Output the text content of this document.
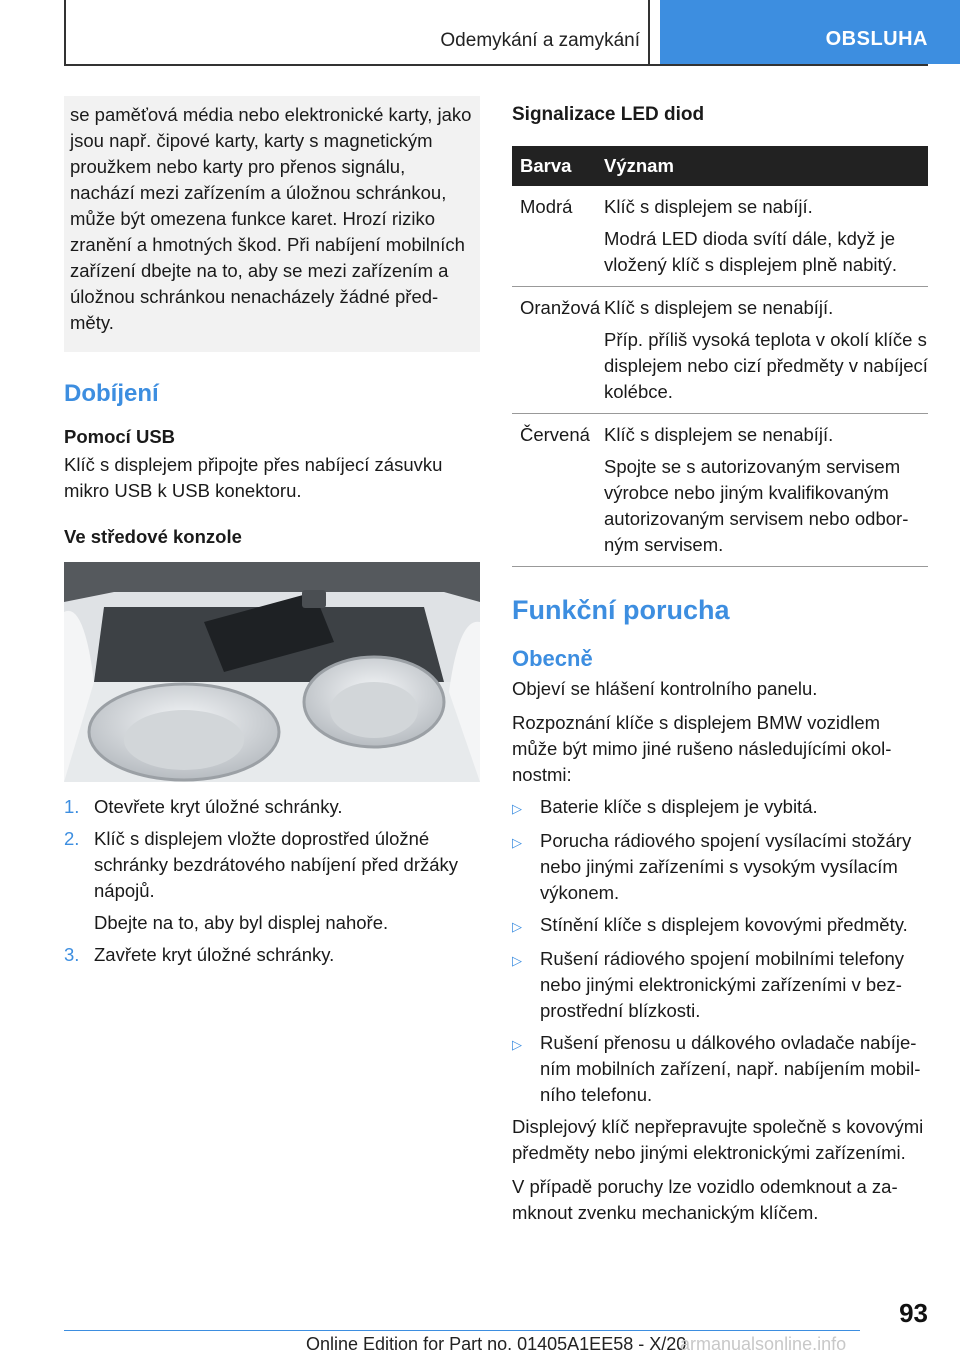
Odemykání a zamykání	OBSLUHA
se paměťová média nebo elektronické karty, jako jsou např. čipové karty, karty s magnetickým proužkem nebo karty pro přenos signálu, nachází mezi zařízením a úložnou schránkou, může být omezena funkce karet. Hrozí riziko zranění a hmotných škod. Při nabíjení mobilních zařízení dbejte na to, aby se mezi zařízením a úložnou schránkou nenacházely žádné předměty.
Dobíjení
Pomocí USB
Klíč s displejem připojte přes nabíjecí zásuvku mikro USB k USB konektoru.
Ve středové konzole
1. Otevřete kryt úložné schránky.
2. Klíč s displejem vložte doprostřed úložné schránky bezdrátového nabíjení před držáky nápojů.
Dbejte na to, aby byl displej nahoře.
3. Zavřete kryt úložné schránky.
Signalizace LED diod
Barva	Význam
Modrá	Klíč s displejem se nabíjí.
Modrá LED dioda svítí dále, když je vložený klíč s displejem plně nabitý.
Oranžová Klíč s displejem se nenabíjí.
Příp. příliš vysoká teplota v okolí klíče s displejem nebo cizí předměty v nabíjecí kolébce.
Červená Klíč s displejem se nenabíjí.
Spojte se s autorizovaným servisem výrobce nebo jiným kvalifikovaným autorizovaným servisem nebo odborným servisem.
Funkční porucha
Obecně
Objeví se hlášení kontrolního panelu.
Rozpoznání klíče s displejem BMW vozidlem může být mimo jiné rušeno následujícími okolnostmi:
▷ Baterie klíče s displejem je vybitá.
▷ Porucha rádiového spojení vysílacími stožáry nebo jinými zařízeními s vysokým vysílacím výkonem.
▷ Stínění klíče s displejem kovovými předměty.
▷ Rušení rádiového spojení mobilními telefony nebo jinými elektronickými zařízeními v bezprostřední blízkosti.
▷ Rušení přenosu u dálkového ovladače nabíjením mobilních zařízení, např. nabíjením mobilního telefonu.
Displejový klíč nepřepravujte společně s kovovými předměty nebo jinými elektronickými zařízeními.
V případě poruchy lze vozidlo odemknout a zamknout zvenku mechanickým klíčem.
93
Online Edition for Part no. 01405A1EE58 - X/20
armanualsonline.info
